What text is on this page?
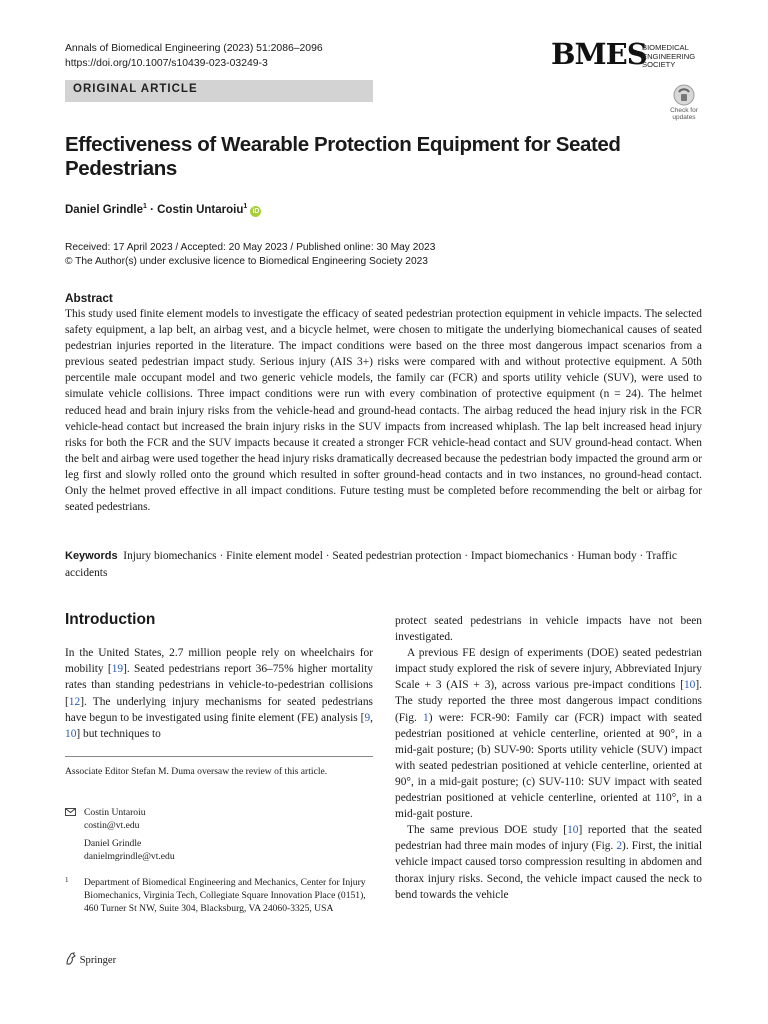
Annals of Biomedical Engineering (2023) 51:2086–2096
https://doi.org/10.1007/s10439-023-03249-3	BMES
BIOMEDICAL
ENGINEERING
SOCIETY
ORIGINAL ARTICLE
Check for
updates
Effectiveness of Wearable Protection Equipment for Seated
Pedestrians
Daniel Grindle$^1$ · Costin Untaroiu$^1$ iD
Received: 17 April 2023 / Accepted: 20 May 2023 / Published online: 30 May 2023
© The Author(s) under exclusive licence to Biomedical Engineering Society 2023
Abstract
This study used finite element models to investigate the efficacy of seated pedestrian protection equipment in vehicle impacts. The selected safety equipment, a lap belt, an airbag vest, and a bicycle helmet, were chosen to mitigate the underlying biomechanical causes of seated pedestrian injuries reported in the literature. The impact conditions were based on the three most dangerous impact scenarios from a previous seated pedestrian impact study. Serious injury (AIS 3+) risks were compared with and without protective equipment. A 50th percentile male occupant model and two generic vehicle models, the family car (FCR) and sports utility vehicle (SUV), were used to simulate vehicle collisions. Three impact conditions were run with every combination of protective equipment (n = 24). The helmet reduced head and brain injury risks from the vehicle-head and ground-head contacts. The airbag reduced the head injury risk in the FCR vehicle-head contact but increased the brain injury risks in the SUV impacts from increased whiplash. The lap belt increased head injury risks for both the FCR and the SUV impacts because it created a stronger FCR vehicle-head contact and SUV ground-head contact. When the belt and airbag were used together the head injury risks dramatically decreased because the pedestrian body impacted the ground arm or leg first and slowly rolled onto the ground which resulted in softer ground-head contacts and in two instances, no ground-head contact. Only the helmet proved effective in all impact conditions. Future testing must be completed before recommending the belt or airbag for seated pedestrians.
Keywords Injury biomechanics · Finite element model · Seated pedestrian protection · Impact biomechanics · Human body · Traffic accidents
Introduction
In the United States, 2.7 million people rely on wheelchairs for mobility [19]. Seated pedestrians report 36–75% higher mortality rates than standing pedestrians in vehicle-to-pedestrian collisions [12]. The underlying injury mechanisms for seated pedestrians have begun to be investigated using finite element (FE) analysis [9, 10] but techniques to
protect seated pedestrians in vehicle impacts have not been investigated.
A previous FE design of experiments (DOE) seated pedestrian impact study explored the risk of severe injury, Abbreviated Injury Scale + 3 (AIS + 3), across various pre-impact conditions [10]. The study reported the three most dangerous impact conditions (Fig. 1) were: FCR-90: Family car (FCR) impact with seated pedestrian positioned at vehicle centerline, oriented at 90°, in a mid-gait posture; (b) SUV-90: Sports utility vehicle (SUV) impact with seated pedestrian positioned at vehicle centerline, oriented at 90°, in a mid-gait posture; (c) SUV-110: SUV impact with seated pedestrian positioned at vehicle centerline, oriented at 110°, in a mid-gait posture.
The same previous DOE study [10] reported that the seated pedestrian had three main modes of injury (Fig. 2). First, the initial vehicle impact caused torso compression resulting in abdomen and thorax injury risks. Second, the vehicle impact caused the neck to bend towards the vehicle
Associate Editor Stefan M. Duma oversaw the review of this article.
Costin Untaroiu
costin@vt.edu
Daniel Grindle
danielmgrindle@vt.edu
1	Department of Biomedical Engineering and Mechanics, Center for Injury Biomechanics, Virginia Tech, Collegiate Square Innovation Place (0151), 460 Turner St NW, Suite 304, Blacksburg, VA 24060-3325, USA
Springer
